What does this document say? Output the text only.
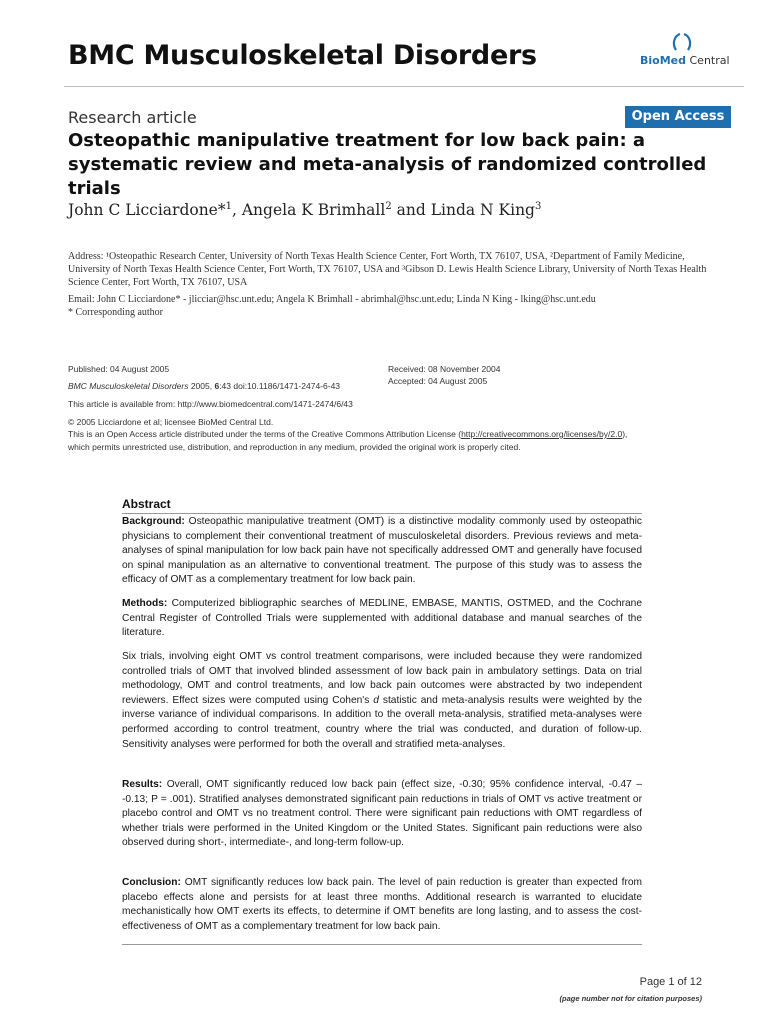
BMC Musculoskeletal Disorders	BioMed Central
Research article	Open Access
Osteopathic manipulative treatment for low back pain: a systematic review and meta-analysis of randomized controlled trials
John C Licciardone*$^1$, Angela K Brimhall$^2$ and Linda N King$^3$
Address: ¹Osteopathic Research Center, University of North Texas Health Science Center, Fort Worth, TX 76107, USA, ²Department of Family Medicine, University of North Texas Health Science Center, Fort Worth, TX 76107, USA and ³Gibson D. Lewis Health Science Library, University of North Texas Health Science Center, Fort Worth, TX 76107, USA
Email: John C Licciardone* - jlicciar@hsc.unt.edu; Angela K Brimhall - abrimhal@hsc.unt.edu; Linda N King - lking@hsc.unt.edu
* Corresponding author
Published: 04 August 2005
BMC Musculoskeletal Disorders 2005, 6:43 doi:10.1186/1471-2474-6-43
Received: 08 November 2004
Accepted: 04 August 2005
This article is available from: http://www.biomedcentral.com/1471-2474/6/43
© 2005 Licciardone et al; licensee BioMed Central Ltd.
This is an Open Access article distributed under the terms of the Creative Commons Attribution License (http://creativecommons.org/licenses/by/2.0),
which permits unrestricted use, distribution, and reproduction in any medium, provided the original work is properly cited.
Abstract

Background: Osteopathic manipulative treatment (OMT) is a distinctive modality commonly used by osteopathic physicians to complement their conventional treatment of musculoskeletal disorders. Previous reviews and meta-analyses of spinal manipulation for low back pain have not specifically addressed OMT and generally have focused on spinal manipulation as an alternative to conventional treatment. The purpose of this study was to assess the efficacy of OMT as a complementary treatment for low back pain.

Methods: Computerized bibliographic searches of MEDLINE, EMBASE, MANTIS, OSTMED, and the Cochrane Central Register of Controlled Trials were supplemented with additional database and manual searches of the literature.

Six trials, involving eight OMT vs control treatment comparisons, were included because they were randomized controlled trials of OMT that involved blinded assessment of low back pain in ambulatory settings. Data on trial methodology, OMT and control treatments, and low back pain outcomes were abstracted by two independent reviewers. Effect sizes were computed using Cohen's d statistic and meta-analysis results were weighted by the inverse variance of individual comparisons. In addition to the overall meta-analysis, stratified meta-analyses were performed according to control treatment, country where the trial was conducted, and duration of follow-up. Sensitivity analyses were performed for both the overall and stratified meta-analyses.

Results: Overall, OMT significantly reduced low back pain (effect size, -0.30; 95% confidence interval, -0.47 – -0.13; P = .001). Stratified analyses demonstrated significant pain reductions in trials of OMT vs active treatment or placebo control and OMT vs no treatment control. There were significant pain reductions with OMT regardless of whether trials were performed in the United Kingdom or the United States. Significant pain reductions were also observed during short-, intermediate-, and long-term follow-up.

Conclusion: OMT significantly reduces low back pain. The level of pain reduction is greater than expected from placebo effects alone and persists for at least three months. Additional research is warranted to elucidate mechanistically how OMT exerts its effects, to determine if OMT benefits are long lasting, and to assess the cost-effectiveness of OMT as a complementary treatment for low back pain.

Page 1 of 12
(page number not for citation purposes)
